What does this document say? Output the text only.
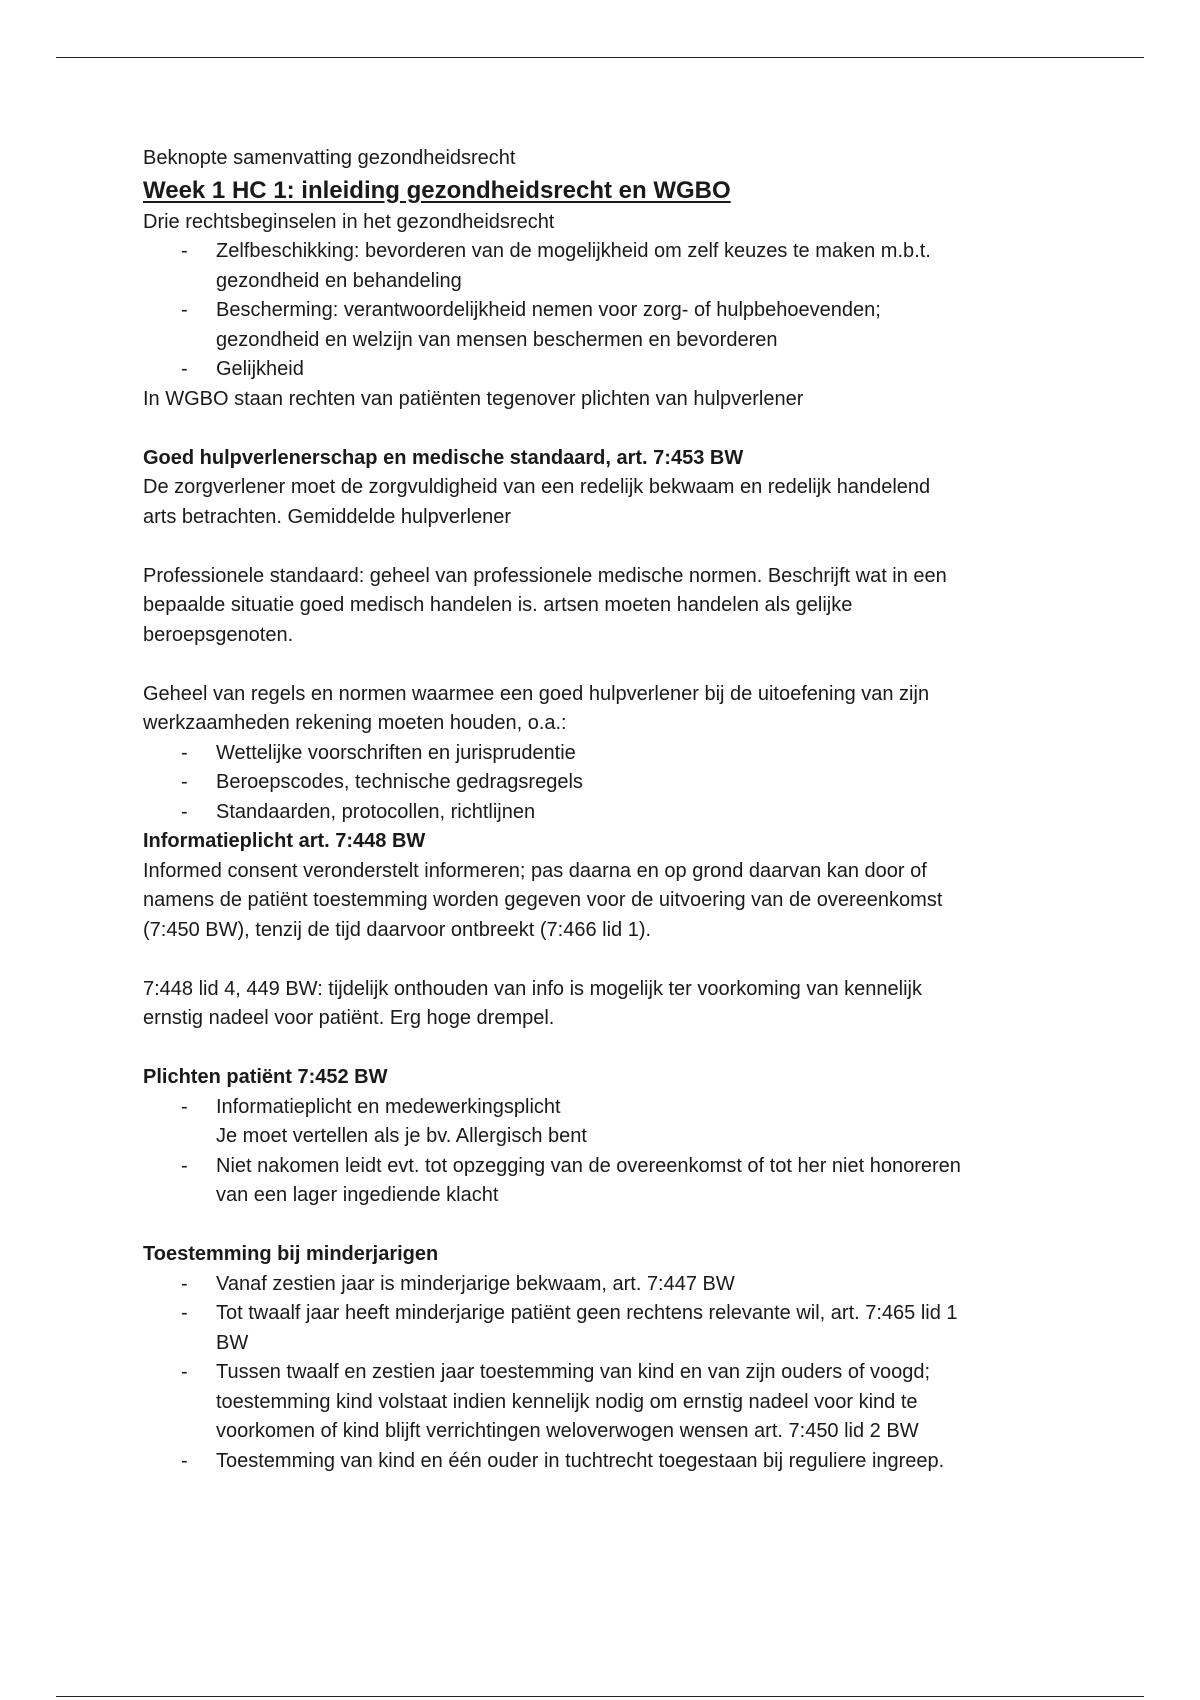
Beknopte samenvatting gezondheidsrecht
Week 1 HC 1: inleiding gezondheidsrecht en WGBO
Drie rechtsbeginselen in het gezondheidsrecht
- Zelfbeschikking: bevorderen van de mogelijkheid om zelf keuzes te maken m.b.t.
gezondheid en behandeling
- Bescherming: verantwoordelijkheid nemen voor zorg- of hulpbehoevenden;
gezondheid en welzijn van mensen beschermen en bevorderen
- Gelijkheid
In WGBO staan rechten van patiënten tegenover plichten van hulpverlener
Goed hulpverlenerschap en medische standaard, art. 7:453 BW
De zorgverlener moet de zorgvuldigheid van een redelijk bekwaam en redelijk handelend
arts betrachten. Gemiddelde hulpverlener
Professionele standaard: geheel van professionele medische normen. Beschrijft wat in een
bepaalde situatie goed medisch handelen is. artsen moeten handelen als gelijke
beroepsgenoten.
Geheel van regels en normen waarmee een goed hulpverlener bij de uitoefening van zijn
werkzaamheden rekening moeten houden, o.a.:
- Wettelijke voorschriften en jurisprudentie
- Beroepscodes, technische gedragsregels
- Standaarden, protocollen, richtlijnen
Informatieplicht art. 7:448 BW
Informed consent veronderstelt informeren; pas daarna en op grond daarvan kan door of
namens de patiënt toestemming worden gegeven voor de uitvoering van de overeenkomst
(7:450 BW), tenzij de tijd daarvoor ontbreekt (7:466 lid 1).
7:448 lid 4, 449 BW: tijdelijk onthouden van info is mogelijk ter voorkoming van kennelijk
ernstig nadeel voor patiënt. Erg hoge drempel.
Plichten patiënt 7:452 BW
- Informatieplicht en medewerkingsplicht
Je moet vertellen als je bv. Allergisch bent
- Niet nakomen leidt evt. tot opzegging van de overeenkomst of tot her niet honoreren
van een lager ingediende klacht
Toestemming bij minderjarigen
- Vanaf zestien jaar is minderjarige bekwaam, art. 7:447 BW
- Tot twaalf jaar heeft minderjarige patiënt geen rechtens relevante wil, art. 7:465 lid 1
BW
- Tussen twaalf en zestien jaar toestemming van kind en van zijn ouders of voogd;
toestemming kind volstaat indien kennelijk nodig om ernstig nadeel voor kind te
voorkomen of kind blijft verrichtingen weloverwogen wensen art. 7:450 lid 2 BW
- Toestemming van kind en één ouder in tuchtrecht toegestaan bij reguliere ingreep.
